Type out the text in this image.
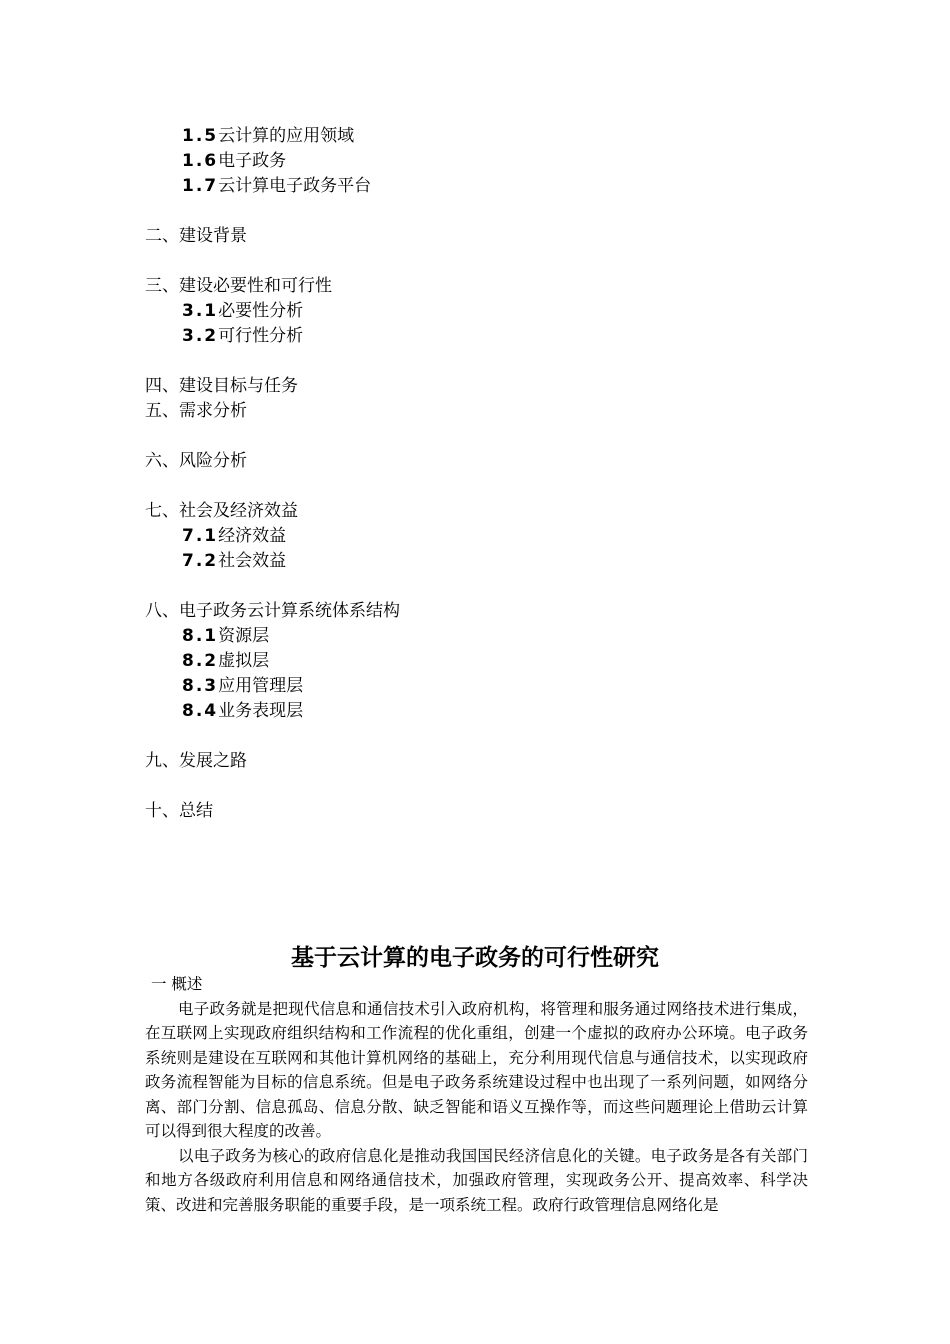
1.5云计算的应用领域
1.6电子政务
1.7云计算电子政务平台
二、建设背景
三、建设必要性和可行性
3.1必要性分析
3.2可行性分析
四、建设目标与任务
五、需求分析
六、风险分析
七、社会及经济效益
7.1经济效益
7.2社会效益
八、电子政务云计算系统体系结构
8.1资源层
8.2虚拟层
8.3应用管理层
8.4业务表现层
九、发展之路
十、总结
基于云计算的电子政务的可行性研究

一 概述

电子政务就是把现代信息和通信技术引入政府机构，将管理和服务通过网络技术进行集成，在互联网上实现政府组织结构和工作流程的优化重组，创建一个虚拟的政府办公环境。电子政务系统则是建设在互联网和其他计算机网络的基础上，充分利用现代信息与通信技术，以实现政府政务流程智能为目标的信息系统。但是电子政务系统建设过程中也出现了一系列问题，如网络分离、部门分割、信息孤岛、信息分散、缺乏智能和语义互操作等，而这些问题理论上借助云计算可以得到很大程度的改善。

以电子政务为核心的政府信息化是推动我国国民经济信息化的关键。电子政务是各有关部门和地方各级政府利用信息和网络通信技术，加强政府管理，实现政务公开、提高效率、科学决策、改进和完善服务职能的重要手段，是一项系统工程。政府行政管理信息网络化是
